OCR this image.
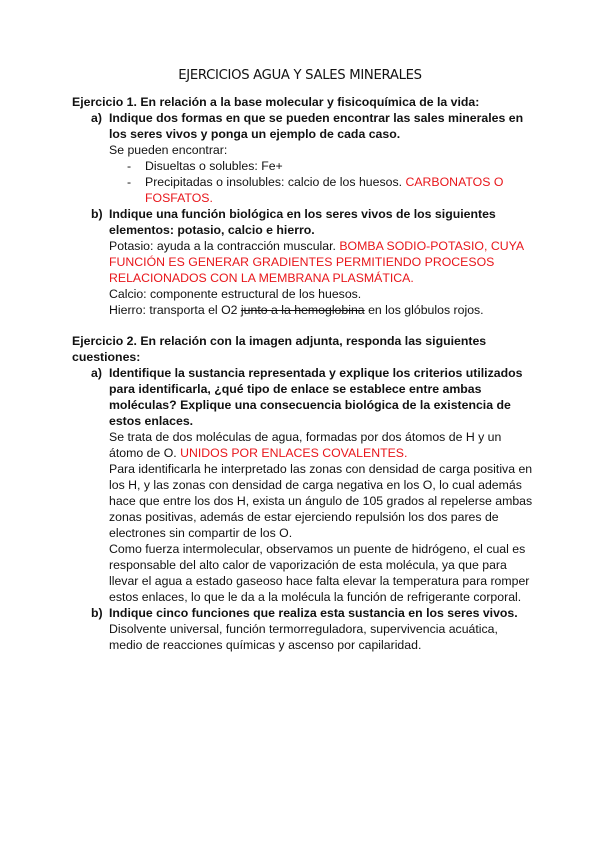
EJERCICIOS AGUA Y SALES MINERALES
Ejercicio 1. En relación a la base molecular y fisicoquímica de la vida:
a) Indique dos formas en que se pueden encontrar las sales minerales en
los seres vivos y ponga un ejemplo de cada caso.
Se pueden encontrar:
- Disueltas o solubles: Fe+
- Precipitadas o insolubles: calcio de los huesos. CARBONATOS O
FOSFATOS.
b) Indique una función biológica en los seres vivos de los siguientes
elementos: potasio, calcio e hierro.
Potasio: ayuda a la contracción muscular. BOMBA SODIO-POTASIO, CUYA
FUNCIÓN ES GENERAR GRADIENTES PERMITIENDO PROCESOS
RELACIONADOS CON LA MEMBRANA PLASMÁTICA.
Calcio: componente estructural de los huesos.
Hierro: transporta el O2 junto a la hemoglobina en los glóbulos rojos.
Ejercicio 2. En relación con la imagen adjunta, responda las siguientes
cuestiones:
a) Identifique la sustancia representada y explique los criterios utilizados
para identificarla, ¿qué tipo de enlace se establece entre ambas
moléculas? Explique una consecuencia biológica de la existencia de
estos enlaces.
Se trata de dos moléculas de agua, formadas por dos átomos de H y un
átomo de O. UNIDOS POR ENLACES COVALENTES.
Para identificarla he interpretado las zonas con densidad de carga positiva en
los H, y las zonas con densidad de carga negativa en los O, lo cual además
hace que entre los dos H, exista un ángulo de 105 grados al repelerse ambas
zonas positivas, además de estar ejerciendo repulsión los dos pares de
electrones sin compartir de los O.
Como fuerza intermolecular, observamos un puente de hidrógeno, el cual es
responsable del alto calor de vaporización de esta molécula, ya que para
llevar el agua a estado gaseoso hace falta elevar la temperatura para romper
estos enlaces, lo que le da a la molécula la función de refrigerante corporal.
b) Indique cinco funciones que realiza esta sustancia en los seres vivos.
Disolvente universal, función termorreguladora, supervivencia acuática,
medio de reacciones químicas y ascenso por capilaridad.
